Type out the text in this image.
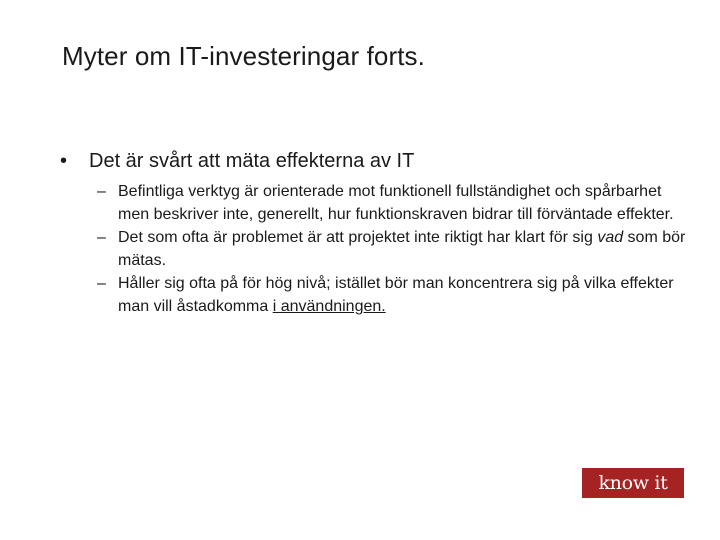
Myter om IT-investeringar forts.
• Det är svårt att mäta effekterna av IT
– Befintliga verktyg är orienterade mot funktionell fullständighet och spårbarhet men beskriver inte, generellt, hur funktionskraven bidrar till förväntade effekter.
– Det som ofta är problemet är att projektet inte riktigt har klart för sig vad som bör mätas.
– Håller sig ofta på för hög nivå; istället bör man koncentrera sig på vilka effekter man vill åstadkomma i användningen.
know it
